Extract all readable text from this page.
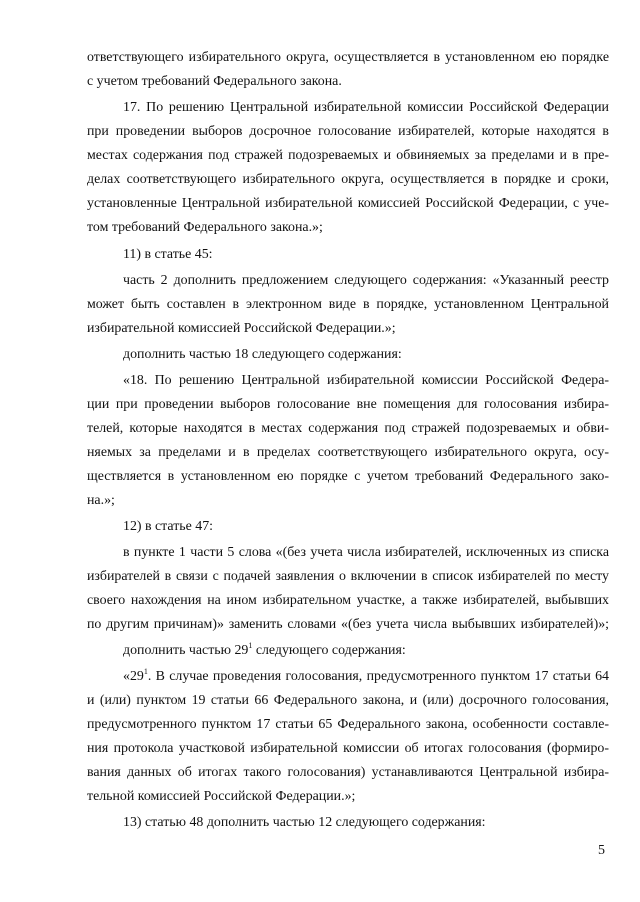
ответствующего избирательного округа, осуществляется в установленном ею порядке
с учетом требований Федерального закона.
17. По решению Центральной избирательной комиссии Российской Федерации
при проведении выборов досрочное голосование избирателей, которые находятся в
местах содержания под стражей подозреваемых и обвиняемых за пределами и в пре-
делах соответствующего избирательного округа, осуществляется в порядке и сроки,
установленные Центральной избирательной комиссией Российской Федерации, с уче-
том требований Федерального закона.»;
11) в статье 45:
часть 2 дополнить предложением следующего содержания: «Указанный реестр
может быть составлен в электронном виде в порядке, установленном Центральной
избирательной комиссией Российской Федерации.»;
дополнить частью 18 следующего содержания:
«18. По решению Центральной избирательной комиссии Российской Федера-
ции при проведении выборов голосование вне помещения для голосования избира-
телей, которые находятся в местах содержания под стражей подозреваемых и обви-
няемых за пределами и в пределах соответствующего избирательного округа, осу-
ществляется в установленном ею порядке с учетом требований Федерального зако-
на.»;
12) в статье 47:
в пункте 1 части 5 слова «(без учета числа избирателей, исключенных из списка
избирателей в связи с подачей заявления о включении в список избирателей по месту
своего нахождения на ином избирательном участке, а также избирателей, выбывших
по другим причинам)» заменить словами «(без учета числа выбывших избирателей)»;
дополнить частью $29^1$ следующего содержания:
«$29^1$. В случае проведения голосования, предусмотренного пунктом 17 статьи 64
и (или) пунктом 19 статьи 66 Федерального закона, и (или) досрочного голосования,
предусмотренного пунктом 17 статьи 65 Федерального закона, особенности составле-
ния протокола участковой избирательной комиссии об итогах голосования (формиро-
вания данных об итогах такого голосования) устанавливаются Центральной избира-
тельной комиссией Российской Федерации.»;
13) статью 48 дополнить частью 12 следующего содержания:
5
